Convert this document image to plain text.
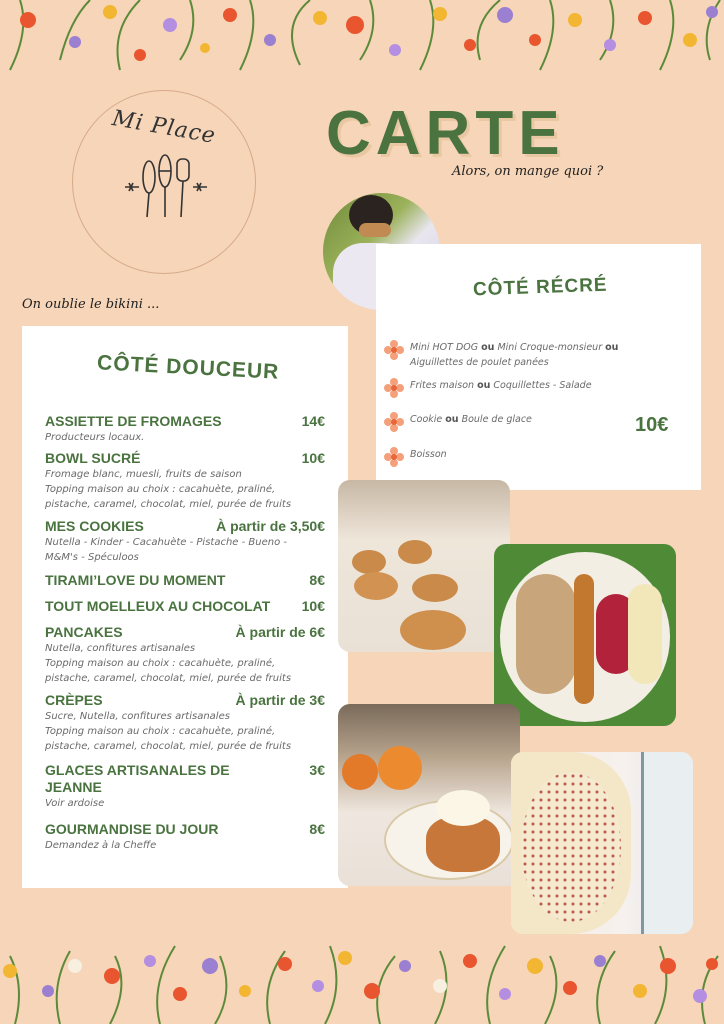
Mi Place	CARTE
Alors, on mange quoi ?
On oublie le bikini ...
CÔTÉ DOUCEUR
ASSIETTE DE FROMAGES	14€
Producteurs locaux.
BOWL SUCRÉ	10€
Fromage blanc, muesli, fruits de saison
Topping maison au choix : cacahuète, praliné,
pistache, caramel, chocolat, miel, purée de fruits
MES COOKIES	À partir de 3,50€
Nutella - Kinder - Cacahuète - Pistache - Bueno -
M&M's - Spéculoos
TIRAMI’LOVE DU MOMENT	8€
TOUT MOELLEUX AU CHOCOLAT 10€
PANCAKES	À partir de 6€
Nutella, confitures artisanales
Topping maison au choix : cacahuète, praliné,
pistache, caramel, chocolat, miel, purée de fruits
CRÈPES	À partir de 3€
Sucre, Nutella, confitures artisanales
Topping maison au choix : cacahuète, praliné,
pistache, caramel, chocolat, miel, purée de fruits
GLACES ARTISANALES DE JEANNE
3€
Voir ardoise
GOURMANDISE DU JOUR	8€
Demandez à la Cheffe
CÔTÉ RÉCRÉ
Mini HOT DOG ou Mini Croque-monsieur ou Aiguillettes de poulet panées
Frites maison ou Coquillettes - Salade
Cookie ou Boule de glace
Boisson
10€
